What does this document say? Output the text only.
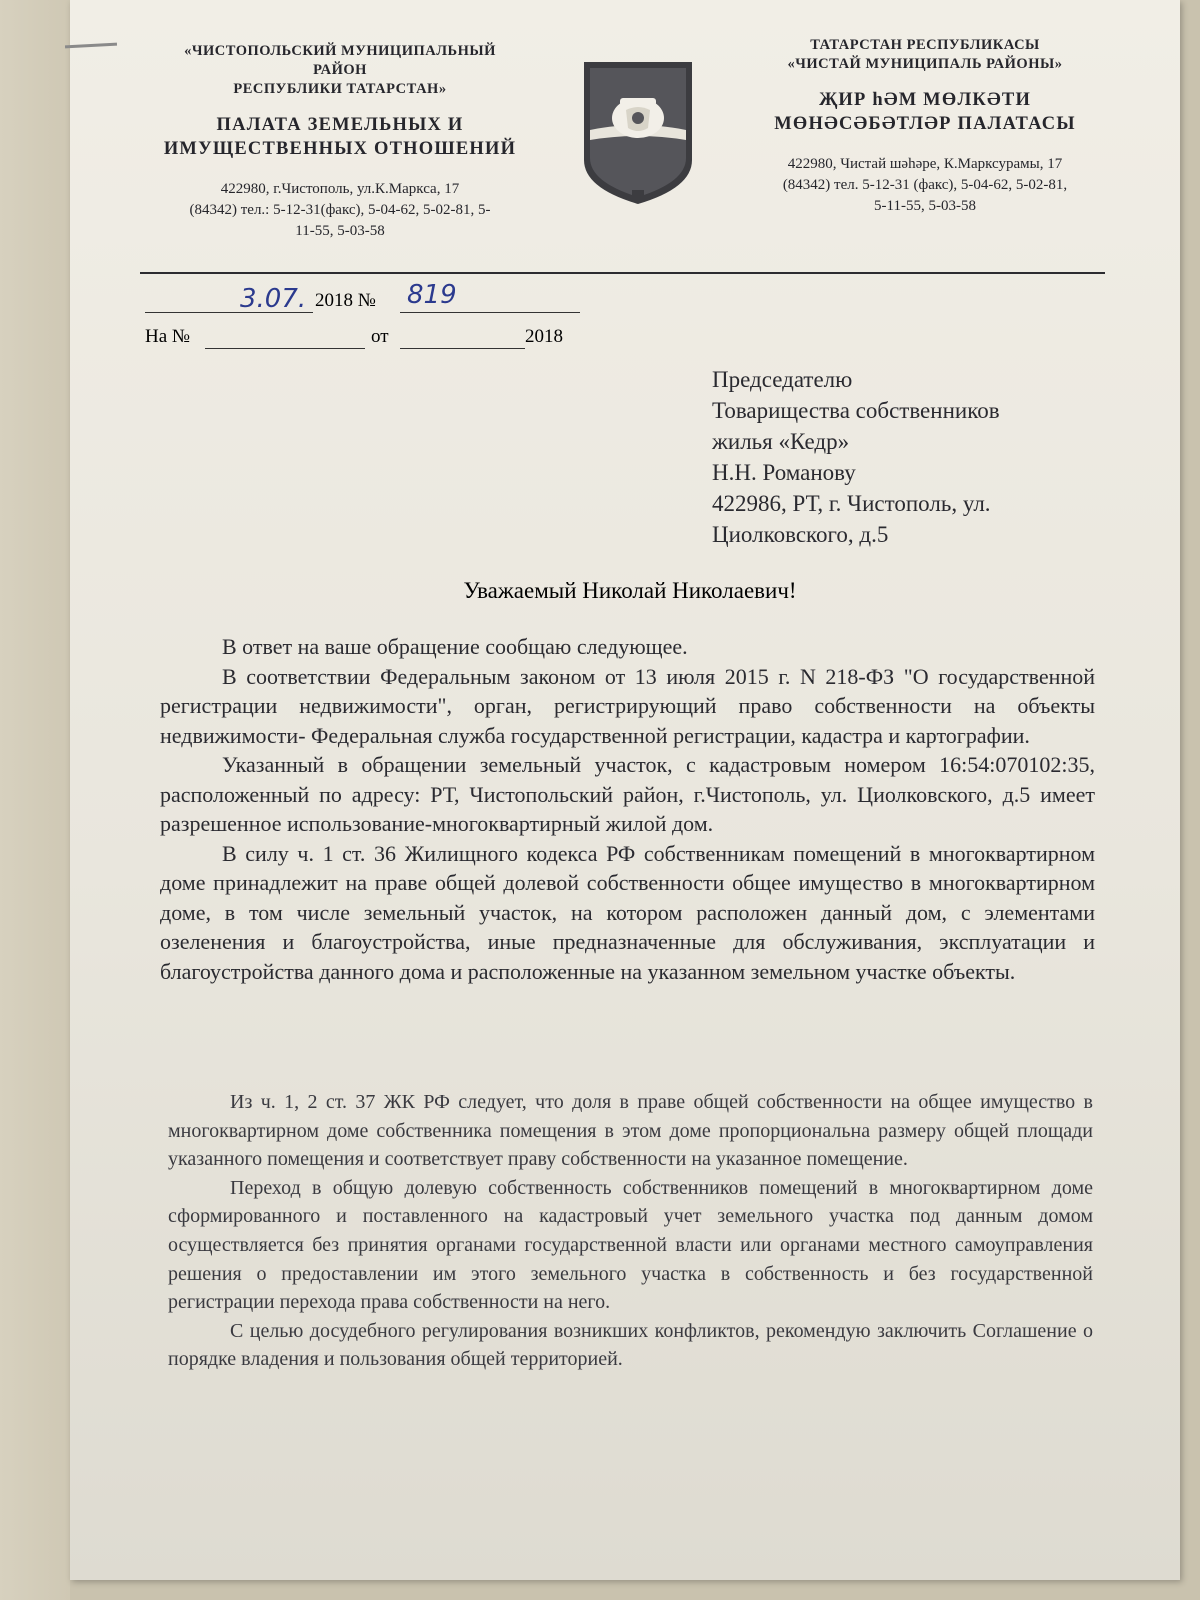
«ЧИСТОПОЛЬСКИЙ МУНИЦИПАЛЬНЫЙ
РАЙОН
РЕСПУБЛИКИ ТАТАРСТАН»
ПАЛАТА ЗЕМЕЛЬНЫХ И
ИМУЩЕСТВЕННЫХ ОТНОШЕНИЙ
422980, г.Чистополь, ул.К.Маркса, 17
(84342) тел.: 5-12-31(факс), 5-04-62, 5-02-81, 5-
11-55, 5-03-58
ТАТАРСТАН РЕСПУБЛИКАСЫ
«ЧИСТАЙ МУНИЦИПАЛЬ РАЙОНЫ»
ҖИР һӘМ МӨЛКӘТИ
МӨНӘСӘБӘТЛӘР ПАЛАТАСЫ
422980, Чистай шәһәре, К.Марксурамы, 17
(84342) тел. 5-12-31 (факс), 5-04-62, 5-02-81,
5-11-55, 5-03-58
3.07. 2018 № 819
На №	от	2018
Председателю
Товарищества собственников
жилья «Кедр»
Н.Н. Романову
422986, РТ, г. Чистополь, ул.
Циолковского, д.5
Уважаемый Николай Николаевич!

В ответ на ваше обращение сообщаю следующее.

В соответствии Федеральным законом от 13 июля 2015 г. N 218-ФЗ "О государственной регистрации недвижимости", орган, регистрирующий право собственности на объекты недвижимости- Федеральная служба государственной регистрации, кадастра и картографии.

Указанный в обращении земельный участок, с кадастровым номером 16:54:070102:35, расположенный по адресу: РТ, Чистопольский район, г.Чистополь, ул. Циолковского, д.5 имеет разрешенное использование-многоквартирный жилой дом.

В силу ч. 1 ст. 36 Жилищного кодекса РФ собственникам помещений в многоквартирном доме принадлежит на праве общей долевой собственности общее имущество в многоквартирном доме, в том числе земельный участок, на котором расположен данный дом, с элементами озеленения и благоустройства, иные предназначенные для обслуживания, эксплуатации и благоустройства данного дома и расположенные на указанном земельном участке объекты.

Из ч. 1, 2 ст. 37 ЖК РФ следует, что доля в праве общей собственности на общее имущество в многоквартирном доме собственника помещения в этом доме пропорциональна размеру общей площади указанного помещения и соответствует праву собственности на указанное помещение.

Переход в общую долевую собственность собственников помещений в многоквартирном доме сформированного и поставленного на кадастровый учет земельного участка под данным домом осуществляется без принятия органами государственной власти или органами местного самоуправления решения о предоставлении им этого земельного участка в собственность и без государственной регистрации перехода права собственности на него.

С целью досудебного регулирования возникших конфликтов, рекомендую заключить Соглашение о порядке владения и пользования общей территорией.
